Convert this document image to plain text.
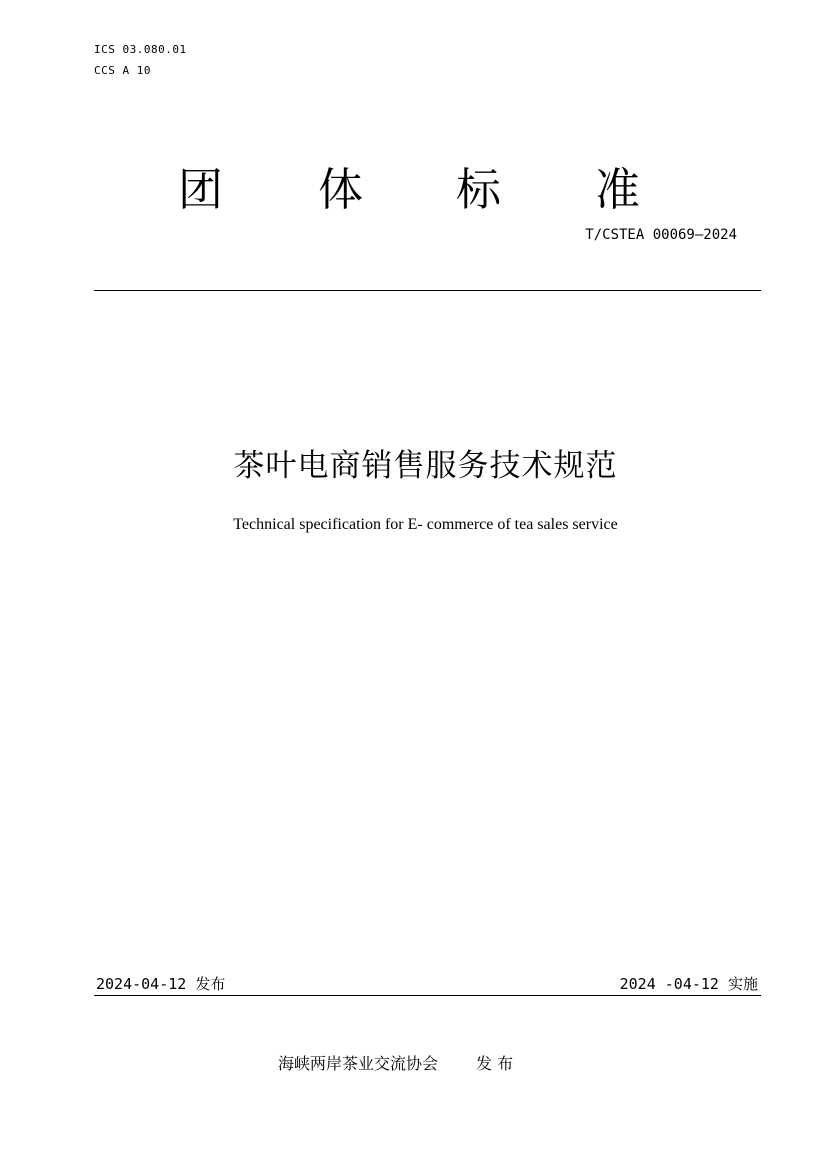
ICS 03.080.01
CCS A 10
团 体 标 准
T/CSTEA 00069—2024
茶叶电商销售服务技术规范
Technical specification for E- commerce of tea sales service
2024-04-12 发布	2024 -04-12 实施
海峡两岸茶业交流协会 发 布
